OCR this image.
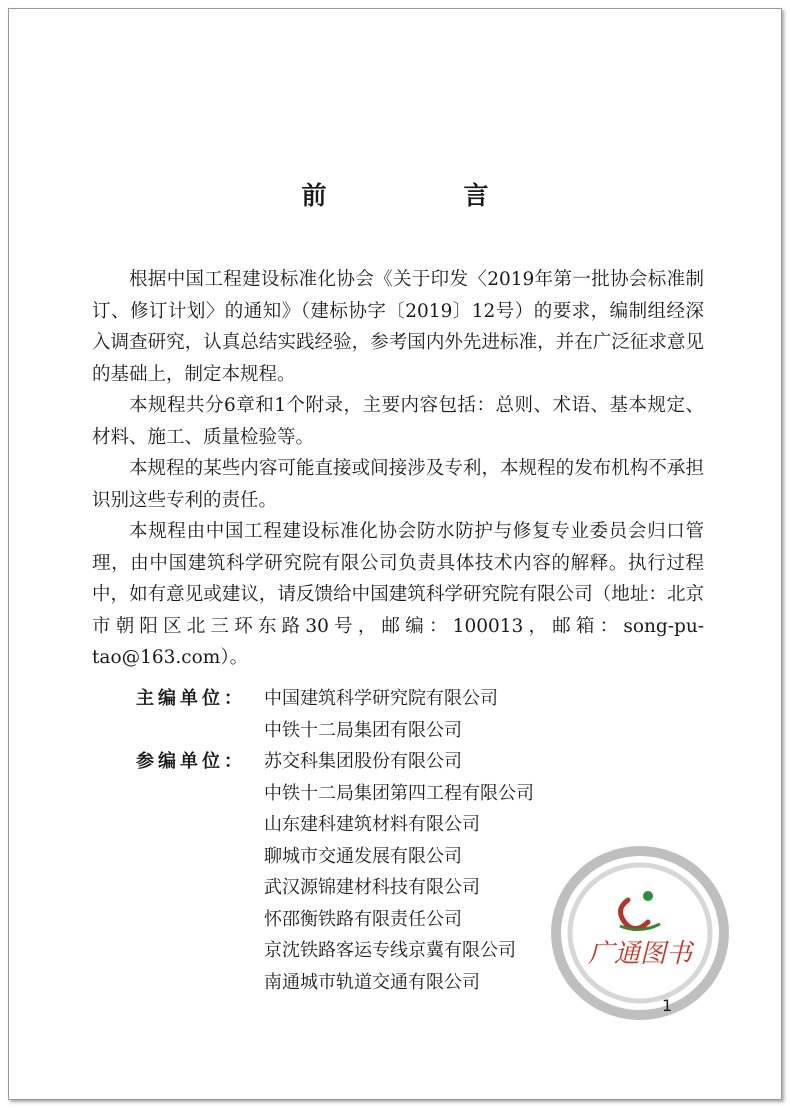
前　言

根据中国工程建设标准化协会《关于印发〈2019年第一批协会标准制订、修订计划〉的通知》（建标协字〔2019〕12号）的要求，编制组经深入调查研究，认真总结实践经验，参考国内外先进标准，并在广泛征求意见的基础上，制定本规程。

本规程共分6章和1个附录，主要内容包括：总则、术语、基本规定、材料、施工、质量检验等。

本规程的某些内容可能直接或间接涉及专利，本规程的发布机构不承担识别这些专利的责任。

本规程由中国工程建设标准化协会防水防护与修复专业委员会归口管理，由中国建筑科学研究院有限公司负责具体技术内容的解释。执行过程中，如有意见或建议，请反馈给中国建筑科学研究院有限公司（地址：北京市朝阳区北三环东路30号，邮编：100013，邮箱：song-pu-tao@163.com）。

主编单位：	中国建筑科学研究院有限公司
中铁十二局集团有限公司
参编单位：	苏交科集团股份有限公司
中铁十二局集团第四工程有限公司
山东建科建筑材料有限公司
聊城市交通发展有限公司
武汉源锦建材科技有限公司
怀邵衡铁路有限责任公司
京沈铁路客运专线京冀有限公司
南通城市轨道交通有限公司
广通图书
1
